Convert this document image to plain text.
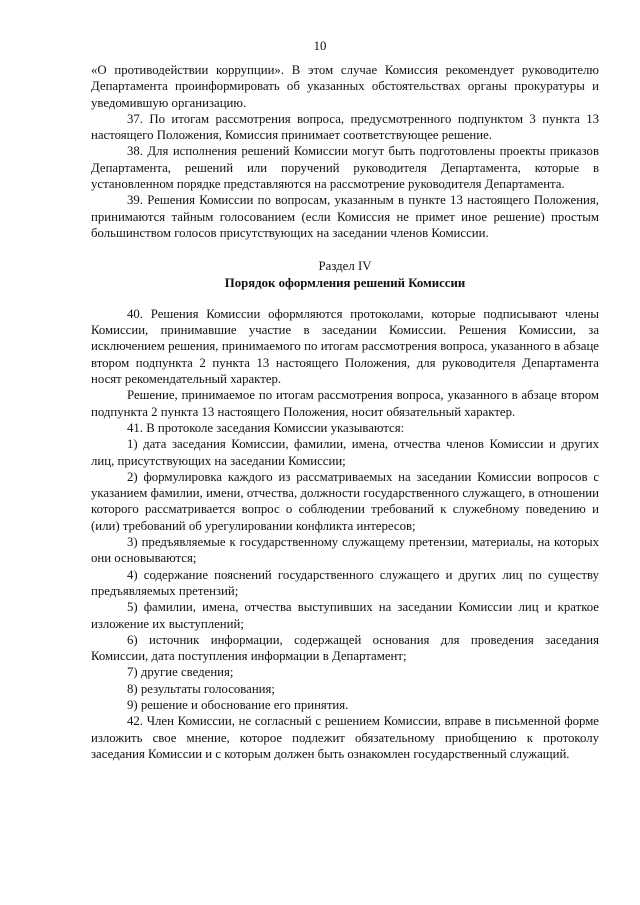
10

«О противодействии коррупции». В этом случае Комиссия рекомендует руководителю Департамента проинформировать об указанных обстоятельствах органы прокуратуры и уведомившую организацию.

37. По итогам рассмотрения вопроса, предусмотренного подпунктом 3 пункта 13 настоящего Положения, Комиссия принимает соответствующее решение.

38. Для исполнения решений Комиссии могут быть подготовлены проекты приказов Департамента, решений или поручений руководителя Департамента, которые в установленном порядке представляются на рассмотрение руководителя Департамента.

39. Решения Комиссии по вопросам, указанным в пункте 13 настоящего Положения, принимаются тайным голосованием (если Комиссия не примет иное решение) простым большинством голосов присутствующих на заседании членов Комиссии.

Раздел IV
Порядок оформления решений Комиссии

40. Решения Комиссии оформляются протоколами, которые подписывают члены Комиссии, принимавшие участие в заседании Комиссии. Решения Комиссии, за исключением решения, принимаемого по итогам рассмотрения вопроса, указанного в абзаце втором подпункта 2 пункта 13 настоящего Положения, для руководителя Департамента носят рекомендательный характер.

Решение, принимаемое по итогам рассмотрения вопроса, указанного в абзаце втором подпункта 2 пункта 13 настоящего Положения, носит обязательный характер.

41. В протоколе заседания Комиссии указываются:

1) дата заседания Комиссии, фамилии, имена, отчества членов Комиссии и других лиц, присутствующих на заседании Комиссии;

2) формулировка каждого из рассматриваемых на заседании Комиссии вопросов с указанием фамилии, имени, отчества, должности государственного служащего, в отношении которого рассматривается вопрос о соблюдении требований к служебному поведению и (или) требований об урегулировании конфликта интересов;

3) предъявляемые к государственному служащему претензии, материалы, на которых они основываются;

4) содержание пояснений государственного служащего и других лиц по существу предъявляемых претензий;

5) фамилии, имена, отчества выступивших на заседании Комиссии лиц и краткое изложение их выступлений;

6) источник информации, содержащей основания для проведения заседания Комиссии, дата поступления информации в Департамент;

7) другие сведения;

8) результаты голосования;

9) решение и обоснование его принятия.

42. Член Комиссии, не согласный с решением Комиссии, вправе в письменной форме изложить свое мнение, которое подлежит обязательному приобщению к протоколу заседания Комиссии и с которым должен быть ознакомлен государственный служащий.
